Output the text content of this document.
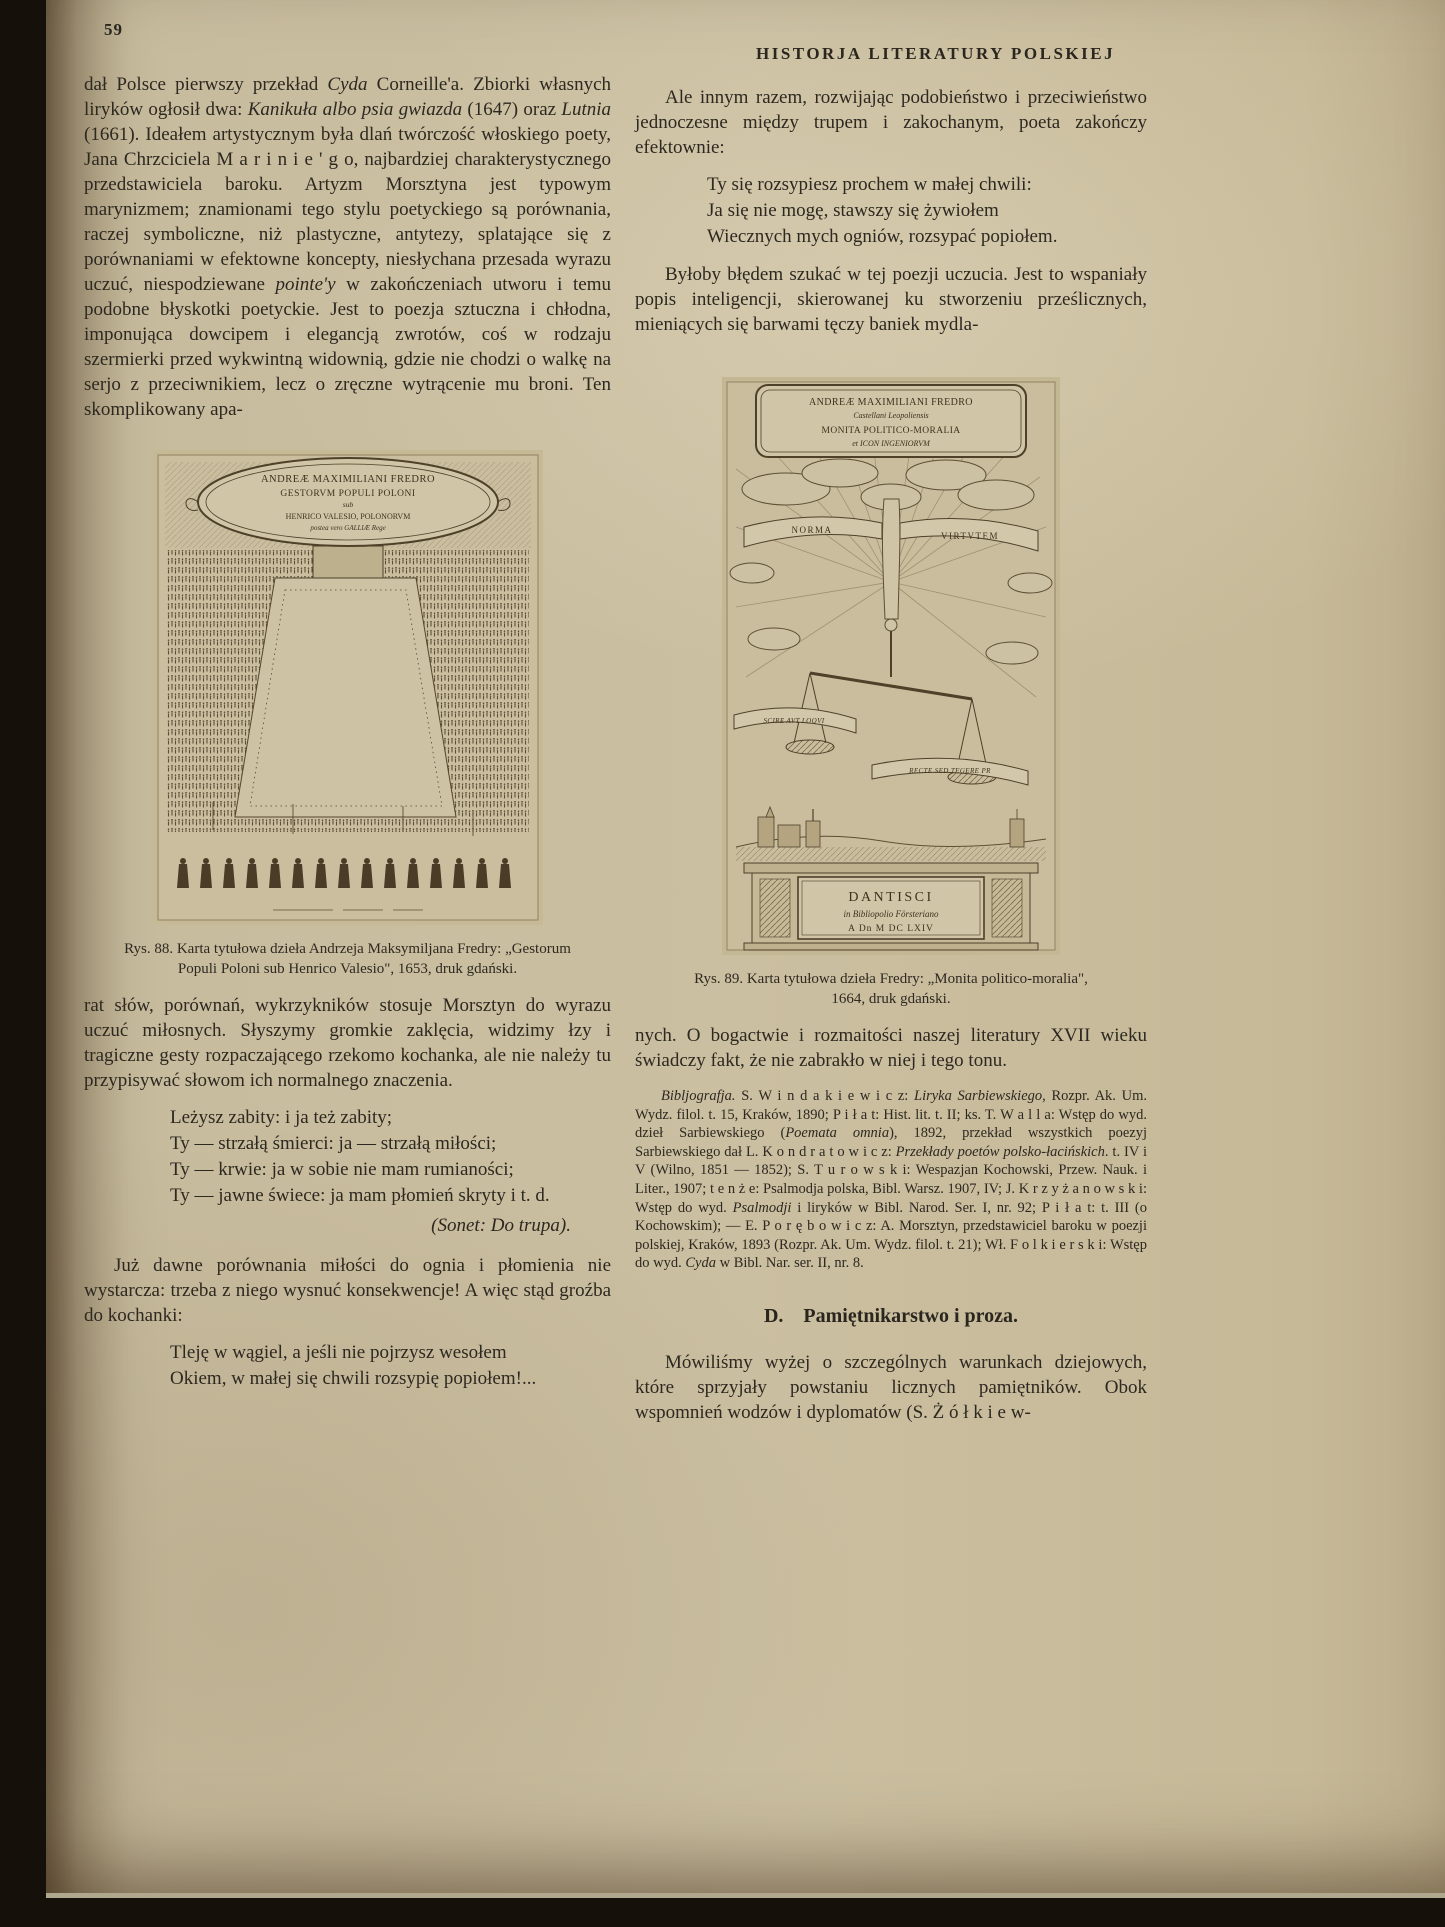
59
HISTORJA LITERATURY POLSKIEJ

dał Polsce pierwszy przekład Cyda Corneille'a. Zbiorki własnych liryków ogłosił dwa: Kanikuła albo psia gwiazda (1647) oraz Lutnia (1661). Ideałem artystycznym była dlań twórczość włoskiego poety, Jana Chrzciciela M a r i n i e ' g o, najbardziej charakterystycznego przedstawiciela baroku. Artyzm Morsztyna jest typowym marynizmem; znamionami tego stylu poetyckiego są porównania, raczej symboliczne, niż plastyczne, antytezy, splatające się z porównaniami w efektowne koncepty, niesłychana przesada wyrazu uczuć, niespodziewane pointe'y w zakończeniach utworu i temu podobne błyskotki poetyckie. Jest to poezja sztuczna i chłodna, imponująca dowcipem i elegancją zwrotów, coś w rodzaju szermierki przed wykwintną widownią, gdzie nie chodzi o walkę na serjo z przeciwnikiem, lecz o zręczne wytrącenie mu broni. Ten skomplikowany apa-

ANDREÆ MAXIMILIANI FREDRO
GESTORVM POPULI POLONI
sub
HENRICO VALESIO, POLONORVM
postea vero GALLIÆ Rege
Rys. 88. Karta tytułowa dzieła Andrzeja Maksymiljana Fredry: „Gestorum Populi Poloni sub Henrico Valesio", 1653, druk gdański.

rat słów, porównań, wykrzykników stosuje Morsztyn do wyrazu uczuć miłosnych. Słyszymy gromkie zaklęcia, widzimy łzy i tragiczne gesty rozpaczającego rzekomo kochanka, ale nie należy tu przypisywać słowom ich normalnego znaczenia.

Leżysz zabity: i ja też zabity;
Ty — strzałą śmierci: ja — strzałą miłości;
Ty — krwie: ja w sobie nie mam rumianości;
Ty — jawne świece: ja mam płomień skryty i t. d.
(Sonet: Do trupa).

Już dawne porównania miłości do ognia i płomienia nie wystarcza: trzeba z niego wysnuć konsekwencje! A więc stąd groźba do kochanki:

Tleję w wągiel, a jeśli nie pojrzysz wesołem
Okiem, w małej się chwili rozsypię popiołem!...

Ale innym razem, rozwijając podobieństwo i przeciwieństwo jednoczesne między trupem i zakochanym, poeta zakończy efektownie:

Ty się rozsypiesz prochem w małej chwili:
Ja się nie mogę, stawszy się żywiołem
Wiecznych mych ogniów, rozsypać popiołem.

Byłoby błędem szukać w tej poezji uczucia. Jest to wspaniały popis inteligencji, skierowanej ku stworzeniu prześlicznych, mieniących się barwami tęczy baniek mydla-

ANDREÆ MAXIMILIANI FREDRO
Castellani Leopoliensis
MONITA POLITICO-MORALIA
et ICON INGENIORVM
NORMA
VIRTVTEM
SCIRE AVT LOQVI
RECTE SED TEGERE PR
DANTISCI
in Bibliopolio Försteriano
A Dn M DC LXIV
Rys. 89. Karta tytułowa dzieła Fredry: „Monita politico-moralia", 1664, druk gdański.

nych. O bogactwie i rozmaitości naszej literatury XVII wieku świadczy fakt, że nie zabrakło w niej i tego tonu.

Bibljografja. S. W i n d a k i e w i c z: Liryka Sarbiewskiego, Rozpr. Ak. Um. Wydz. filol. t. 15, Kraków, 1890; P i ł a t: Hist. lit. t. II; ks. T. W a l l a: Wstęp do wyd. dzieł Sarbiewskiego (Poemata omnia), 1892, przekład wszystkich poezyj Sarbiewskiego dał L. K o n d r a t o w i c z: Przekłady poetów polsko-łacińskich. t. IV i V (Wilno, 1851 — 1852); S. T u r o w s k i: Wespazjan Kochowski, Przew. Nauk. i Liter., 1907; t e n ż e: Psalmodja polska, Bibl. Warsz. 1907, IV; J. K r z y ż a n o w s k i: Wstęp do wyd. Psalmodji i liryków w Bibl. Narod. Ser. I, nr. 92; P i ł a t: t. III (o Kochowskim); — E. P o r ę b o w i c z: A. Morsztyn, przedstawiciel baroku w poezji polskiej, Kraków, 1893 (Rozpr. Ak. Um. Wydz. filol. t. 21); Wł. F o l k i e r s k i: Wstęp do wyd. Cyda w Bibl. Nar. ser. II, nr. 8.

D. Pamiętnikarstwo i proza.

Mówiliśmy wyżej o szczególnych warunkach dziejowych, które sprzyjały powstaniu licznych pamiętników. Obok wspomnień wodzów i dyplomatów (S. Ż ó ł k i e w-
